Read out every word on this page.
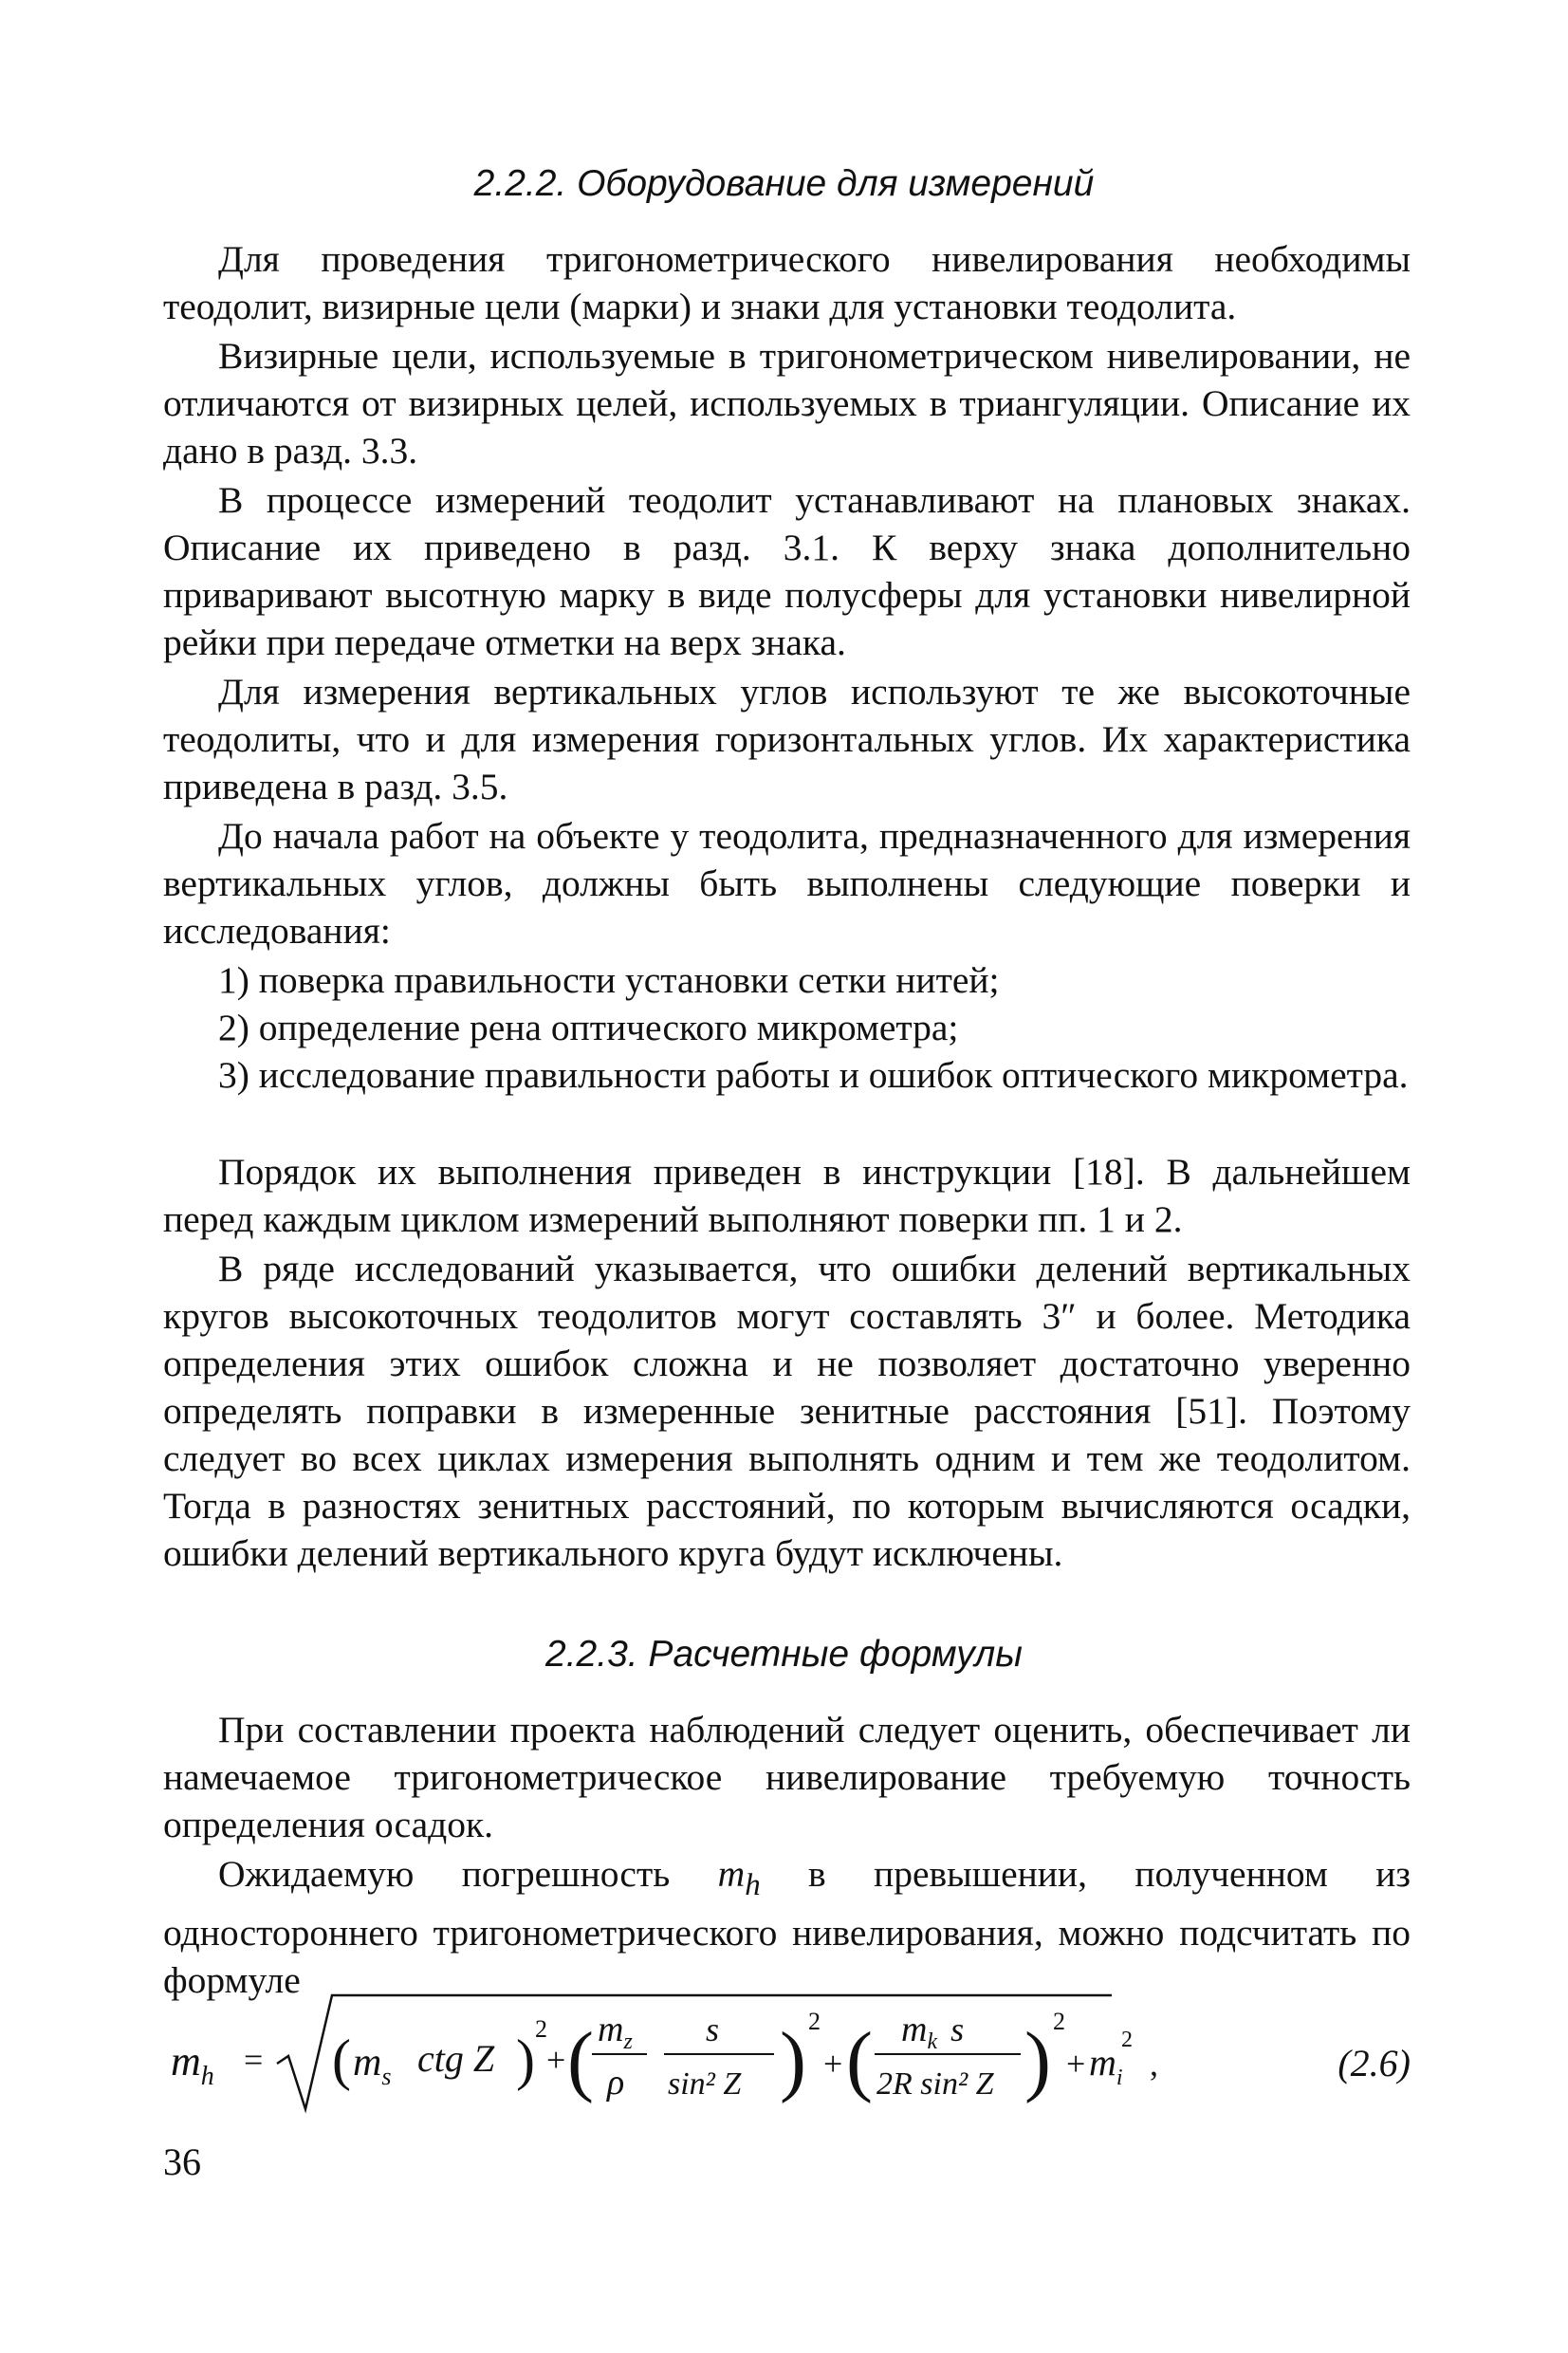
2.2.2. Оборудование для измерений
Для проведения тригонометрического нивелирования необходимы теодолит, визирные цели (марки) и знаки для установки теодолита.
Визирные цели, используемые в тригонометрическом нивелировании, не отличаются от визирных целей, используемых в триангуляции. Описание их дано в разд. 3.3.
В процессе измерений теодолит устанавливают на плановых знаках. Описание их приведено в разд. 3.1. К верху знака дополнительно приваривают высотную марку в виде полусферы для установки нивелирной рейки при передаче отметки на верх знака.
Для измерения вертикальных углов используют те же высокоточные теодолиты, что и для измерения горизонтальных углов. Их характеристика приведена в разд. 3.5.
До начала работ на объекте у теодолита, предназначенного для измерения вертикальных углов, должны быть выполнены следующие поверки и исследования:
1) поверка правильности установки сетки нитей;
2) определение рена оптического микрометра;
3) исследование правильности работы и ошибок оптического микрометра.
Порядок их выполнения приведен в инструкции [18]. В дальнейшем перед каждым циклом измерений выполняют поверки пп. 1 и 2.
В ряде исследований указывается, что ошибки делений вертикальных кругов высокоточных теодолитов могут составлять 3″ и более. Методика определения этих ошибок сложна и не позволяет достаточно уверенно определять поправки в измеренные зенитные расстояния [51]. Поэтому следует во всех циклах измерения выполнять одним и тем же теодолитом. Тогда в разностях зенитных расстояний, по которым вычисляются осадки, ошибки делений вертикального круга будут исключены.
2.2.3. Расчетные формулы
При составлении проекта наблюдений следует оценить, обеспечивает ли намечаемое тригонометрическое нивелирование требуемую точность определения осадок.
Ожидаемую погрешность $m_h$ в превышении, полученном из одностороннего тригонометрического нивелирования, можно подсчитать по формуле
$m_h$ = ( $m_s$ ctg Z ) 2
+ ( $m_z$
ρ
s
sin² Z ) 2
+ ( $m_k$ s
2R sin² Z ) 2
+ $m_i$
2
,	(2.6)
36
